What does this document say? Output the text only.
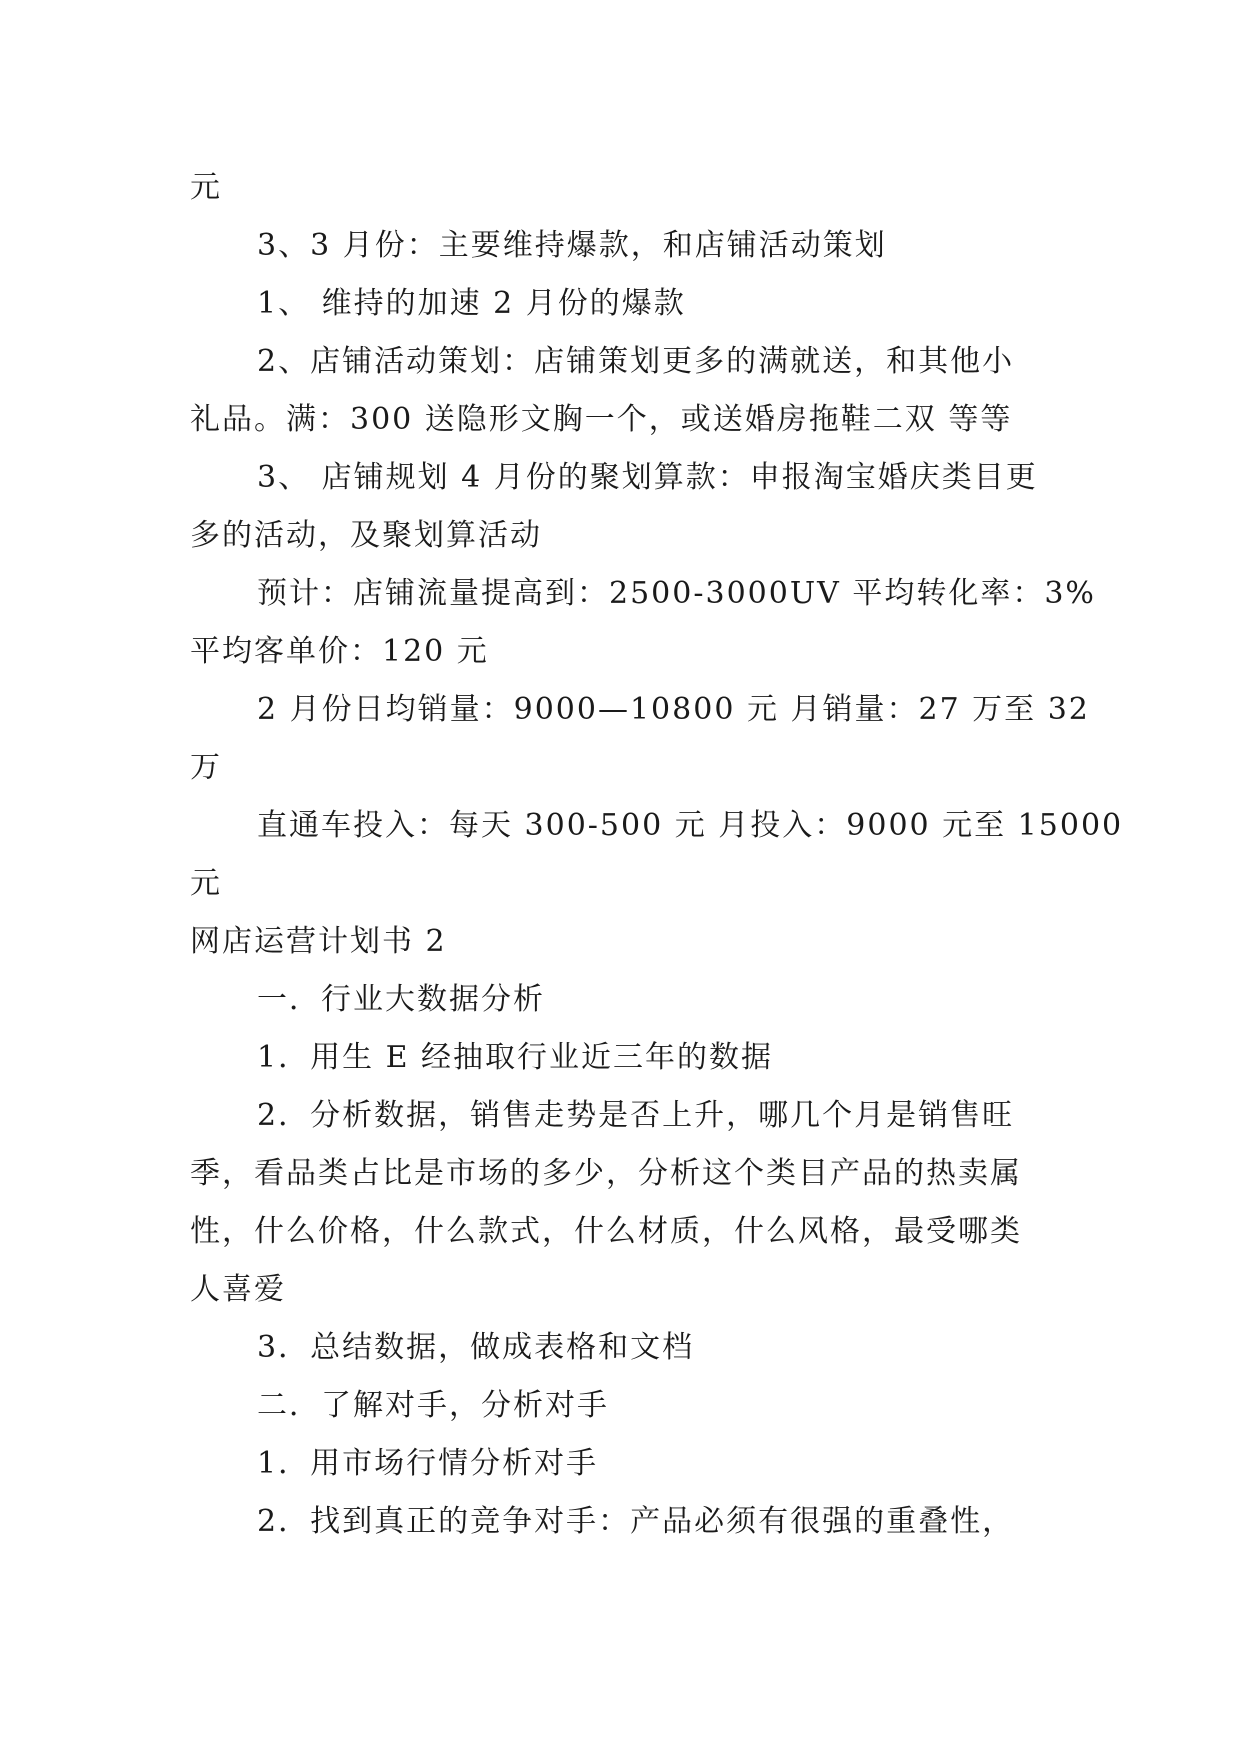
元
3、3 月份：主要维持爆款，和店铺活动策划
1、 维持的加速 2 月份的爆款
2、店铺活动策划：店铺策划更多的满就送，和其他小
礼品。满：300 送隐形文胸一个，或送婚房拖鞋二双 等等
3、 店铺规划 4 月份的聚划算款：申报淘宝婚庆类目更
多的活动，及聚划算活动
预计：店铺流量提高到：2500-3000UV 平均转化率：3%
平均客单价：120 元
2 月份日均销量：9000—10800 元 月销量：27 万至 32
万
直通车投入：每天 300-500 元 月投入：9000 元至 15000
元
网店运营计划书 2
一．行业大数据分析
1．用生 E 经抽取行业近三年的数据
2．分析数据，销售走势是否上升，哪几个月是销售旺
季，看品类占比是市场的多少，分析这个类目产品的热卖属
性，什么价格，什么款式，什么材质，什么风格，最受哪类
人喜爱
3．总结数据，做成表格和文档
二．了解对手，分析对手
1．用市场行情分析对手
2．找到真正的竞争对手：产品必须有很强的重叠性，
